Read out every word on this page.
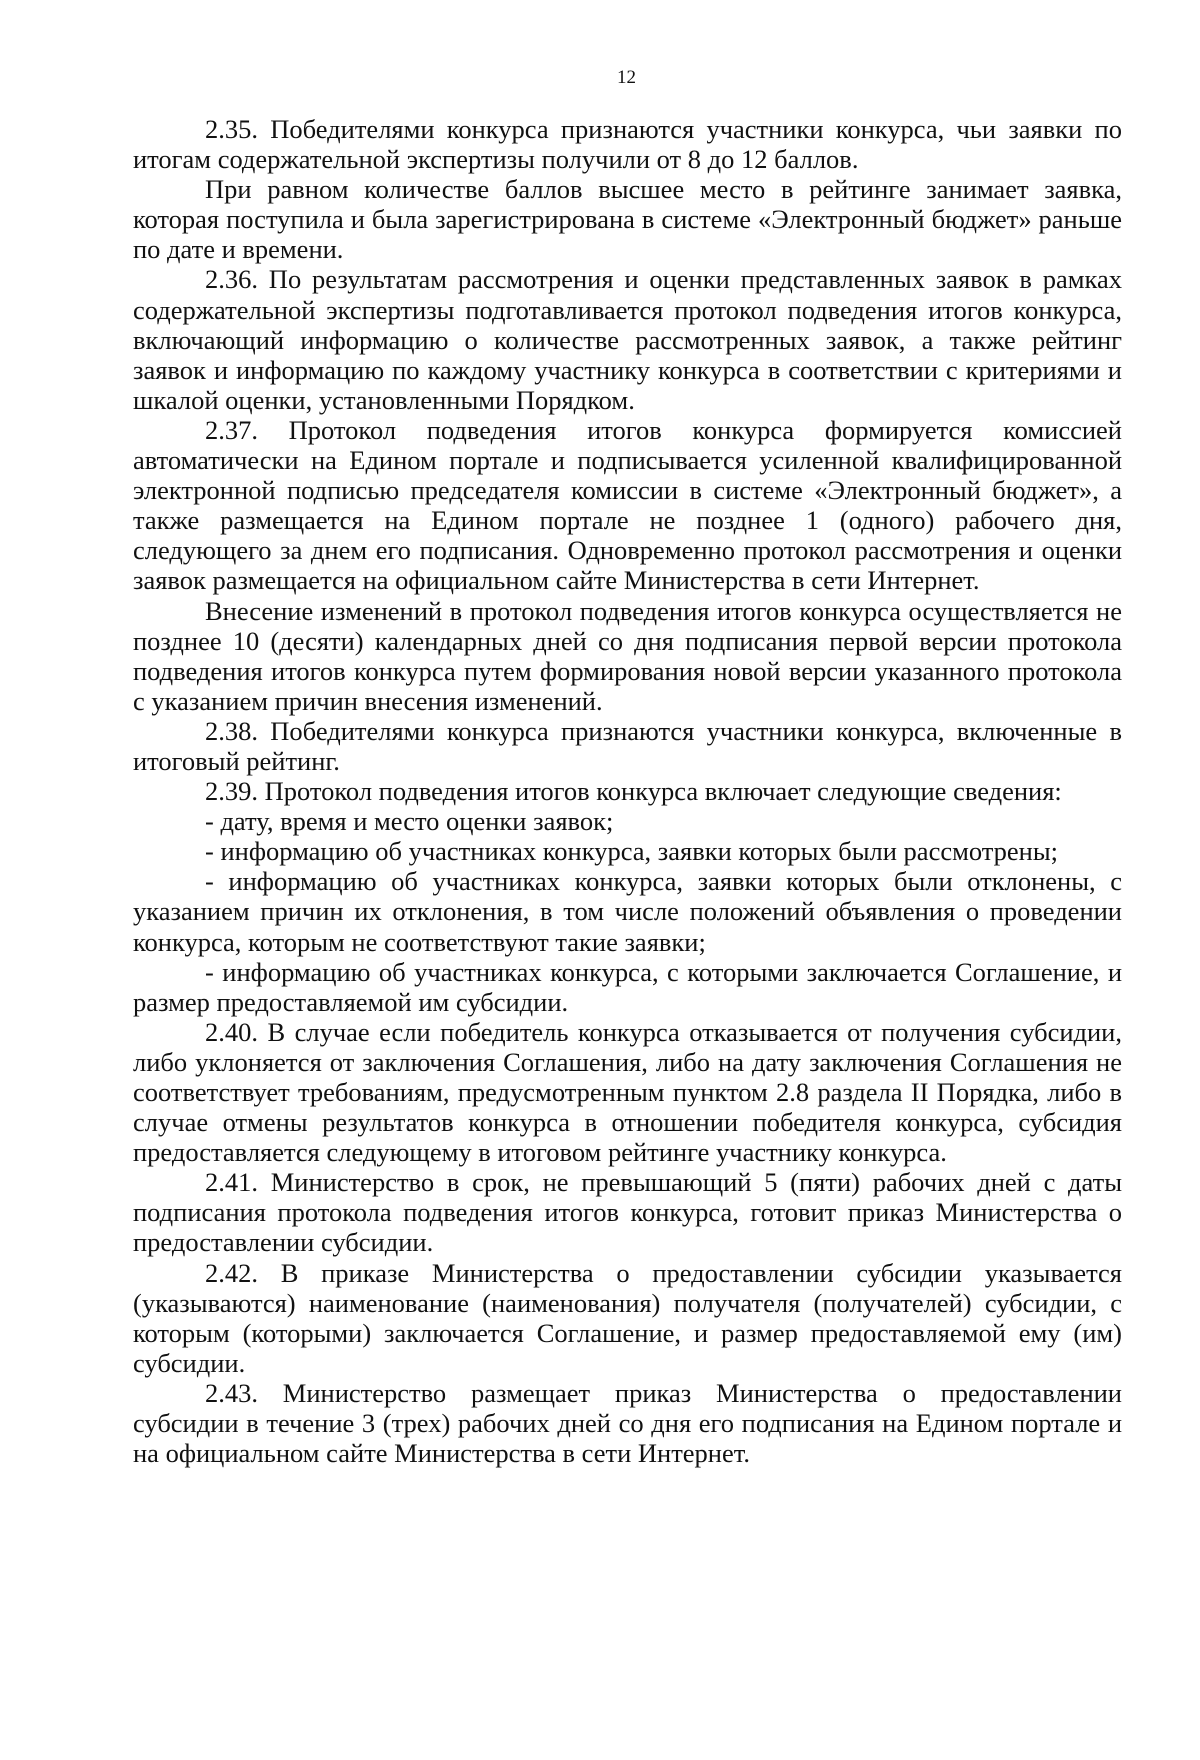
12

2.35. Победителями конкурса признаются участники конкурса, чьи заявки по итогам содержательной экспертизы получили от 8 до 12 баллов.

При равном количестве баллов высшее место в рейтинге занимает заявка, которая поступила и была зарегистрирована в системе «Электронный бюджет» раньше по дате и времени.

2.36. По результатам рассмотрения и оценки представленных заявок в рамках содержательной экспертизы подготавливается протокол подведения итогов конкурса, включающий информацию о количестве рассмотренных заявок, а также рейтинг заявок и информацию по каждому участнику конкурса в соответствии с критериями и шкалой оценки, установленными Порядком.

2.37. Протокол подведения итогов конкурса формируется комиссией автоматически на Едином портале и подписывается усиленной квалифицированной электронной подписью председателя комиссии в системе «Электронный бюджет», а также размещается на Едином портале не позднее 1 (одного) рабочего дня, следующего за днем его подписания. Одновременно протокол рассмотрения и оценки заявок размещается на официальном сайте Министерства в сети Интернет.

Внесение изменений в протокол подведения итогов конкурса осуществляется не позднее 10 (десяти) календарных дней со дня подписания первой версии протокола подведения итогов конкурса путем формирования новой версии указанного протокола с указанием причин внесения изменений.

2.38. Победителями конкурса признаются участники конкурса, включенные в итоговый рейтинг.

2.39. Протокол подведения итогов конкурса включает следующие сведения:

- дату, время и место оценки заявок;

- информацию об участниках конкурса, заявки которых были рассмотрены;

- информацию об участниках конкурса, заявки которых были отклонены, с указанием причин их отклонения, в том числе положений объявления о проведении конкурса, которым не соответствуют такие заявки;

- информацию об участниках конкурса, с которыми заключается Соглашение, и размер предоставляемой им субсидии.

2.40. В случае если победитель конкурса отказывается от получения субсидии, либо уклоняется от заключения Соглашения, либо на дату заключения Соглашения не соответствует требованиям, предусмотренным пунктом 2.8 раздела II Порядка, либо в случае отмены результатов конкурса в отношении победителя конкурса, субсидия предоставляется следующему в итоговом рейтинге участнику конкурса.

2.41. Министерство в срок, не превышающий 5 (пяти) рабочих дней с даты подписания протокола подведения итогов конкурса, готовит приказ Министерства о предоставлении субсидии.

2.42. В приказе Министерства о предоставлении субсидии указывается (указываются) наименование (наименования) получателя (получателей) субсидии, с которым (которыми) заключается Соглашение, и размер предоставляемой ему (им) субсидии.

2.43. Министерство размещает приказ Министерства о предоставлении субсидии в течение 3 (трех) рабочих дней со дня его подписания на Едином портале и на официальном сайте Министерства в сети Интернет.
